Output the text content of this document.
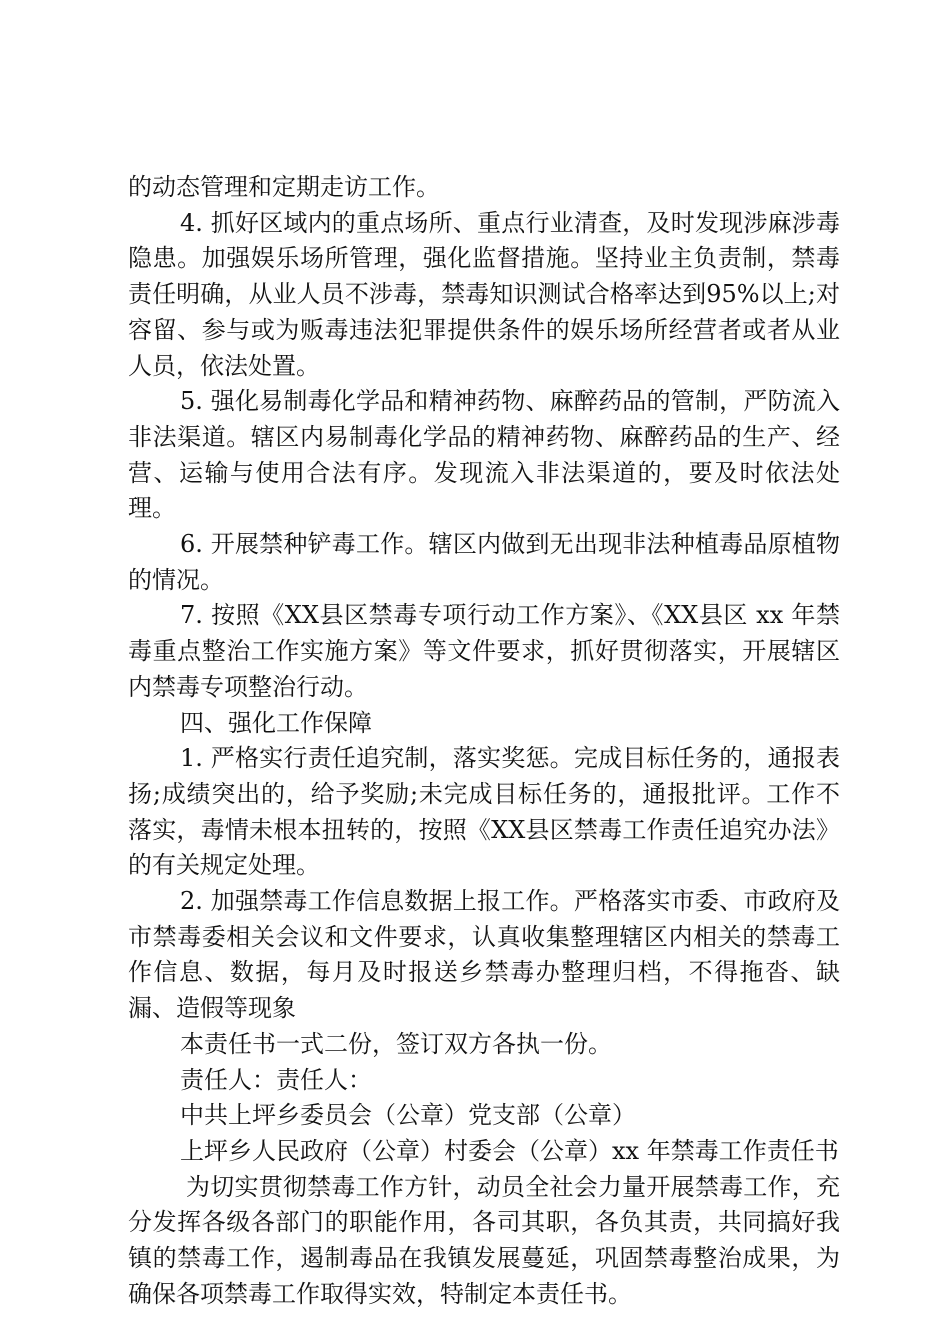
的动态管理和定期走访工作。

4. 抓好区域内的重点场所、重点行业清查，及时发现涉麻涉毒隐患。加强娱乐场所管理，强化监督措施。坚持业主负责制，禁毒责任明确，从业人员不涉毒，禁毒知识测试合格率达到95%以上;对容留、参与或为贩毒违法犯罪提供条件的娱乐场所经营者或者从业人员，依法处置。

5. 强化易制毒化学品和精神药物、麻醉药品的管制，严防流入非法渠道。辖区内易制毒化学品的精神药物、麻醉药品的生产、经营、运输与使用合法有序。发现流入非法渠道的，要及时依法处理。

6. 开展禁种铲毒工作。辖区内做到无出现非法种植毒品原植物的情况。

7. 按照《XX县区禁毒专项行动工作方案》、《XX县区 xx 年禁毒重点整治工作实施方案》等文件要求，抓好贯彻落实，开展辖区内禁毒专项整治行动。

四、强化工作保障

1. 严格实行责任追究制，落实奖惩。完成目标任务的，通报表扬;成绩突出的，给予奖励;未完成目标任务的，通报批评。工作不落实，毒情未根本扭转的，按照《XX县区禁毒工作责任追究办法》的有关规定处理。

2. 加强禁毒工作信息数据上报工作。严格落实市委、市政府及市禁毒委相关会议和文件要求，认真收集整理辖区内相关的禁毒工作信息、数据，每月及时报送乡禁毒办整理归档，不得拖沓、缺漏、造假等现象

本责任书一式二份，签订双方各执一份。

责任人：责任人：

中共上坪乡委员会（公章）党支部（公章）

上坪乡人民政府（公章）村委会（公章）xx 年禁毒工作责任书

为切实贯彻禁毒工作方针，动员全社会力量开展禁毒工作，充分发挥各级各部门的职能作用，各司其职，各负其责，共同搞好我镇的禁毒工作，遏制毒品在我镇发展蔓延，巩固禁毒整治成果，为确保各项禁毒工作取得实效，特制定本责任书。
